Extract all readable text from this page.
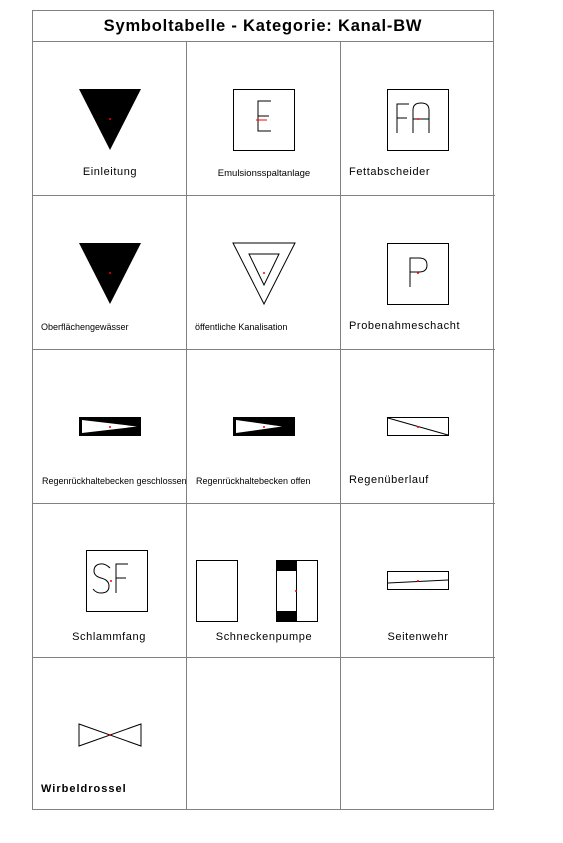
Symboltabelle - Kategorie: Kanal-BW
Einleitung	Emulsionsspaltanlage	Fettabscheider
Oberflächengewässer	öffentliche Kanalisation	Probenahmeschacht
Regenrückhaltebecken geschlossen	Regenrückhaltebecken offen	Regenüberlauf
Schlammfang	Schneckenpumpe	Seitenwehr
Wirbeldrossel
